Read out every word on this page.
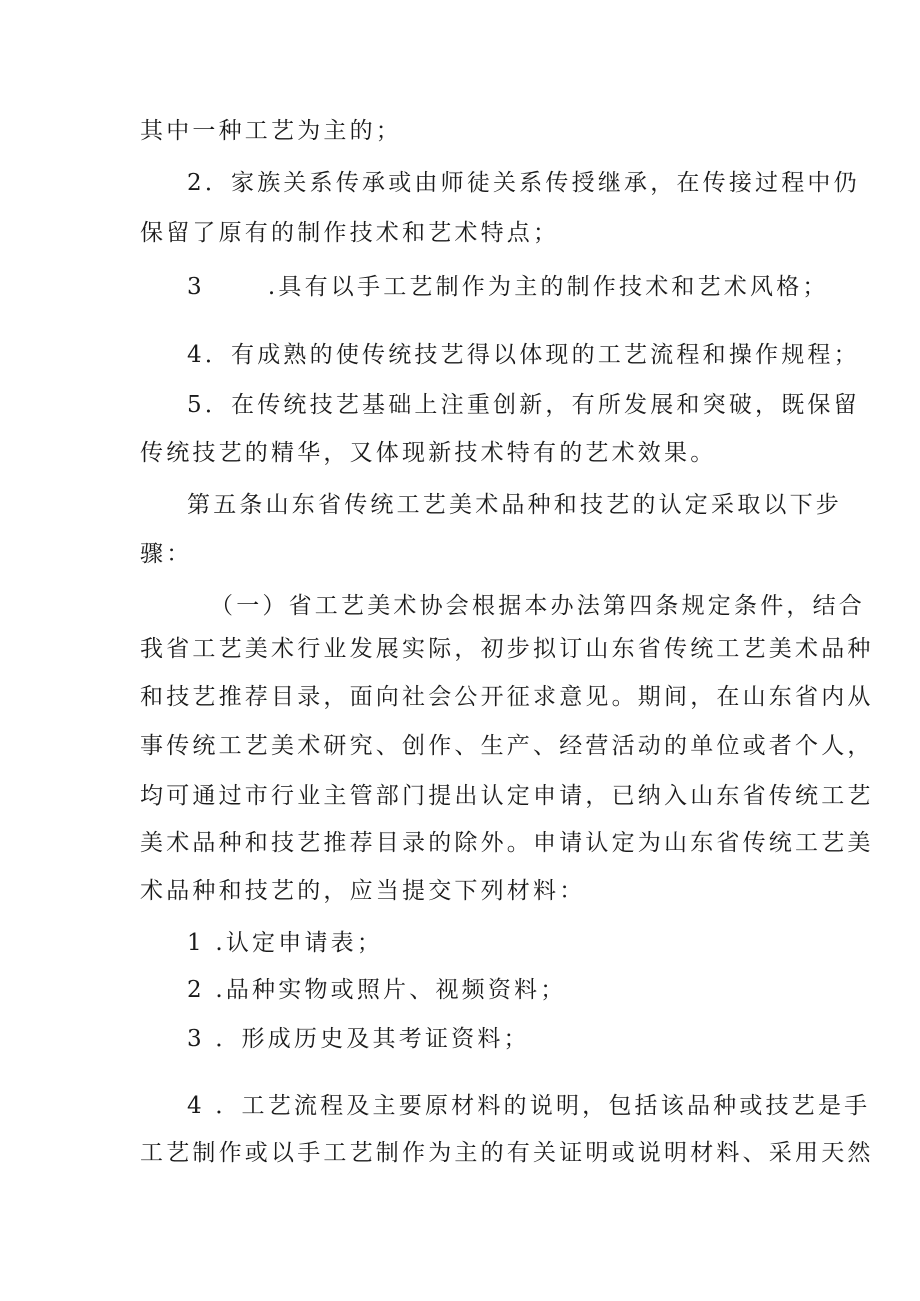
其中一种工艺为主的；
2．家族关系传承或由师徒关系传授继承，在传接过程中仍
保留了原有的制作技术和艺术特点；
3      .具有以手工艺制作为主的制作技术和艺术风格；
4．有成熟的使传统技艺得以体现的工艺流程和操作规程；
5．在传统技艺基础上注重创新，有所发展和突破，既保留
传统技艺的精华，又体现新技术特有的艺术效果。
第五条山东省传统工艺美术品种和技艺的认定采取以下步
骤：
（一）省工艺美术协会根据本办法第四条规定条件，结合
我省工艺美术行业发展实际，初步拟订山东省传统工艺美术品种
和技艺推荐目录，面向社会公开征求意见。期间，在山东省内从
事传统工艺美术研究、创作、生产、经营活动的单位或者个人，
均可通过市行业主管部门提出认定申请，已纳入山东省传统工艺
美术品种和技艺推荐目录的除外。申请认定为山东省传统工艺美
术品种和技艺的，应当提交下列材料：
1 .认定申请表；
2 .品种实物或照片、视频资料；
3 ．形成历史及其考证资料；
4 ．工艺流程及主要原材料的说明，包括该品种或技艺是手
工艺制作或以手工艺制作为主的有关证明或说明材料、采用天然
